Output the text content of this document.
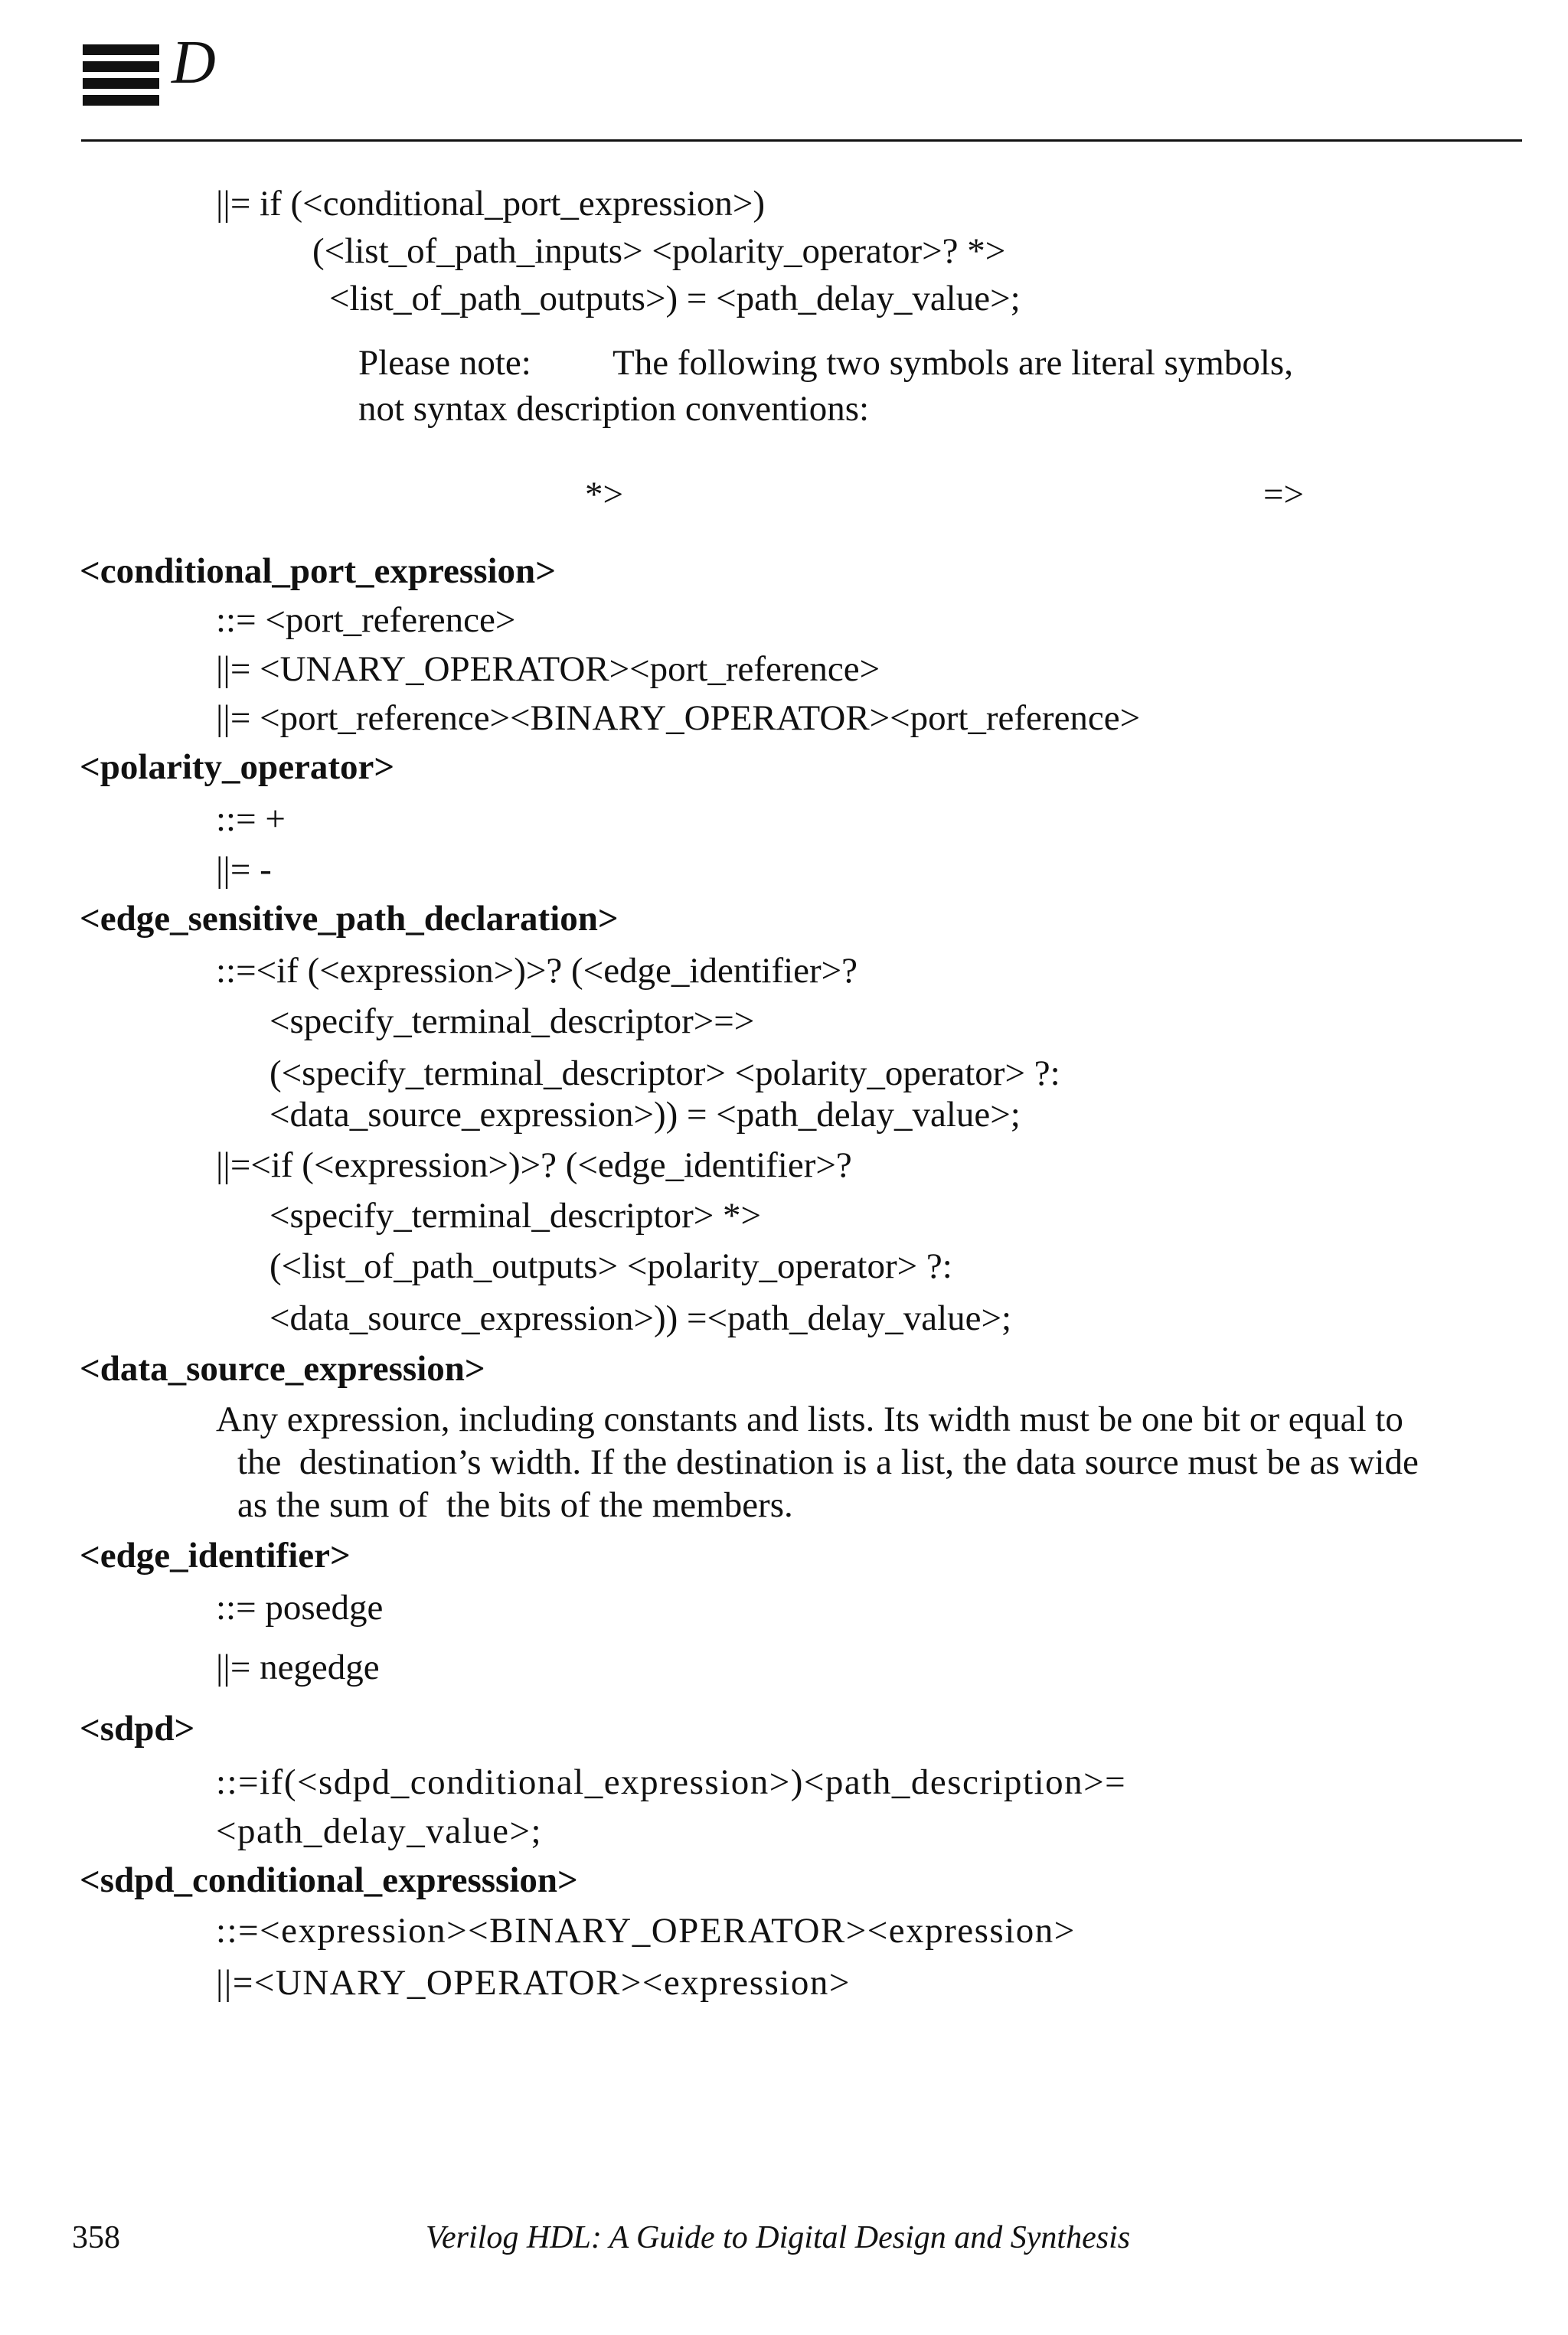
D
||= if (<conditional_port_expression>)
(<list_of_path_inputs> <polarity_operator>? *>
<list_of_path_outputs>) = <path_delay_value>;
Please note: The following two symbols are literal symbols,
not syntax description conventions:
*>	=>
<conditional_port_expression>
::= <port_reference>
||= <UNARY_OPERATOR><port_reference>
||= <port_reference><BINARY_OPERATOR><port_reference>
<polarity_operator>
::= +
||= -
<edge_sensitive_path_declaration>
::=<if (<expression>)>? (<edge_identifier>?
<specify_terminal_descriptor>=>
(<specify_terminal_descriptor> <polarity_operator> ?:
<data_source_expression>)) = <path_delay_value>;
||=<if (<expression>)>? (<edge_identifier>?
<specify_terminal_descriptor> *>
(<list_of_path_outputs> <polarity_operator> ?:
<data_source_expression>)) =<path_delay_value>;
<data_source_expression>
Any expression, including constants and lists. Its width must be one bit or equal to
the  destination’s width. If the destination is a list, the data source must be as wide
as the sum of  the bits of the members.
<edge_identifier>
::= posedge
||= negedge
<sdpd>
::=if(<sdpd_conditional_expression>)<path_description>=
<path_delay_value>;
<sdpd_conditional_expresssion>
::=<expression><BINARY_OPERATOR><expression>
||=<UNARY_OPERATOR><expression>
358	Verilog HDL: A Guide to Digital Design and Synthesis
